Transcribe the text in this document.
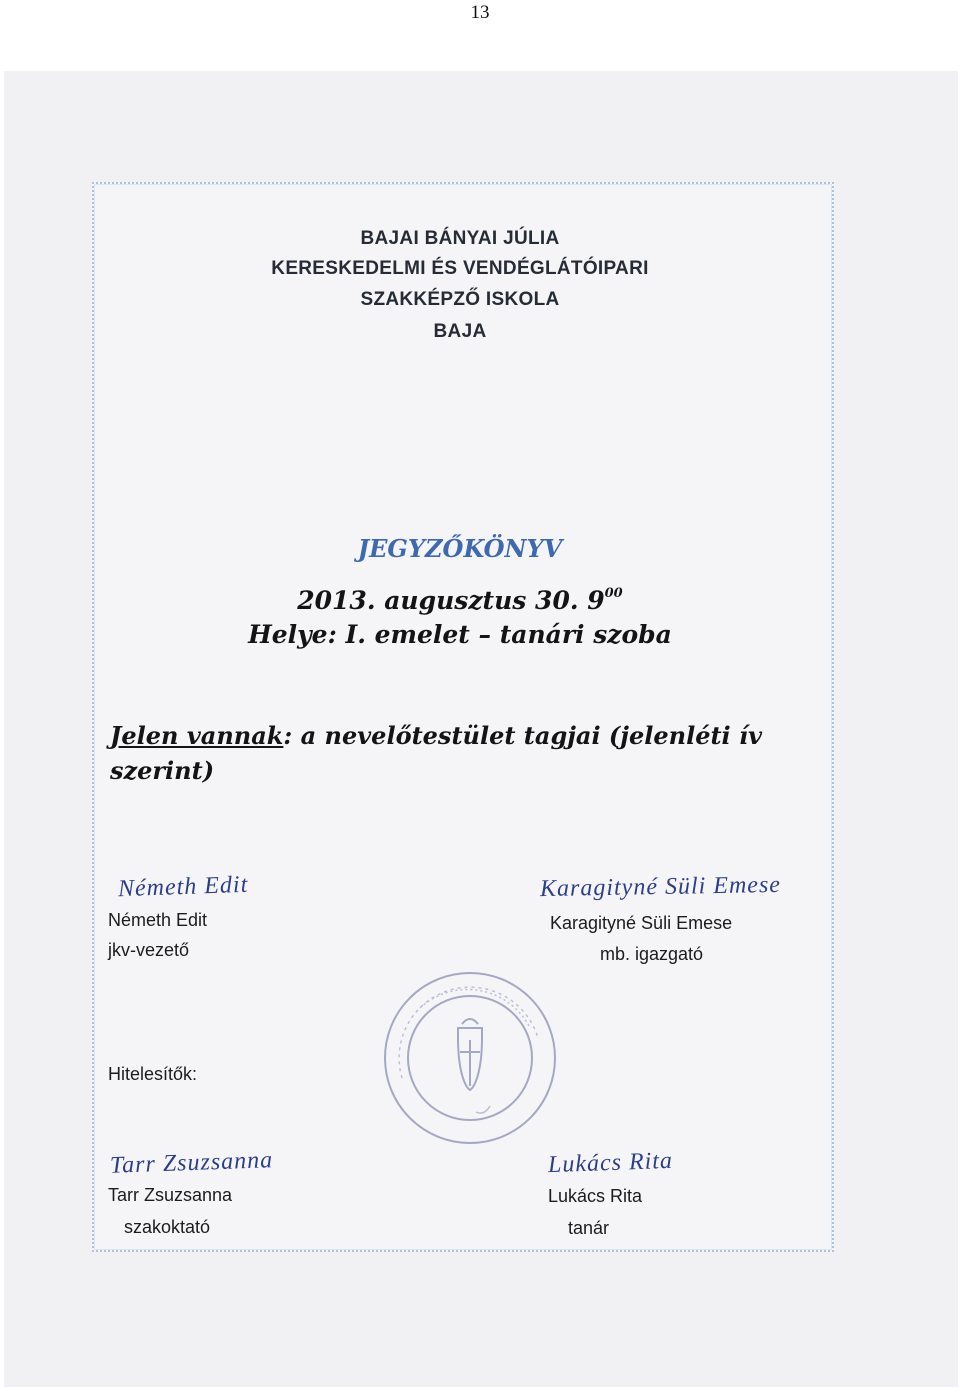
13
BAJAI BÁNYAI JÚLIA
KERESKEDELMI ÉS VENDÉGLÁTÓIPARI
SZAKKÉPZŐ ISKOLA
BAJA
JEGYZŐKÖNYV
2013. augusztus 30. $9^{00}$
Helye: I. emelet – tanári szoba
Jelen vannak: a nevelőtestület tagjai (jelenléti ív szerint)
Németh Edit
Németh Edit
jkv-vezető
Karagityné Süli Emese
Karagityné Süli Emese
mb. igazgató
Hitelesítők:
Tarr Zsuzsanna
Tarr Zsuzsanna
szakoktató
Lukács Rita
Lukács Rita
tanár
